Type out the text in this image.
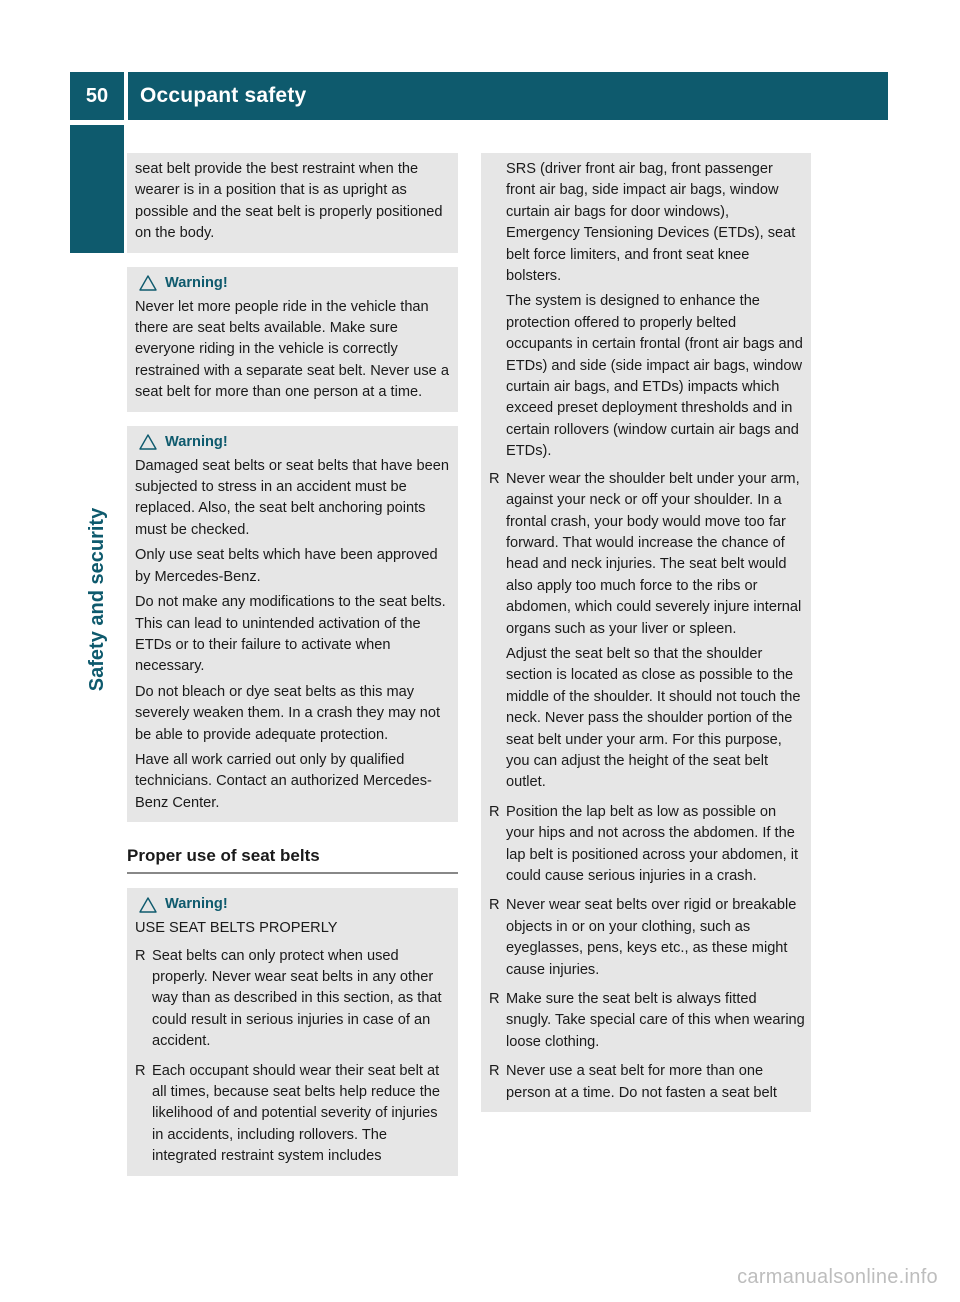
50	Occupant safety
Safety and security

seat belt provide the best restraint when the wearer is in a position that is as upright as possible and the seat belt is properly positioned on the body.

Warning!

Never let more people ride in the vehicle than there are seat belts available. Make sure everyone riding in the vehicle is correctly restrained with a separate seat belt. Never use a seat belt for more than one person at a time.

Warning!

Damaged seat belts or seat belts that have been subjected to stress in an accident must be replaced. Also, the seat belt anchoring points must be checked.

Only use seat belts which have been approved by Mercedes-Benz.

Do not make any modifications to the seat belts. This can lead to unintended activation of the ETDs or to their failure to activate when necessary.

Do not bleach or dye seat belts as this may severely weaken them. In a crash they may not be able to provide adequate protection.

Have all work carried out only by qualified technicians. Contact an authorized Mercedes-Benz Center.

Proper use of seat belts
Warning!

USE SEAT BELTS PROPERLY

R Seat belts can only protect when used properly. Never wear seat belts in any other way than as described in this section, as that could result in serious injuries in case of an accident.
R Each occupant should wear their seat belt at all times, because seat belts help reduce the likelihood of and potential severity of injuries in accidents, including rollovers. The integrated restraint system includes

SRS (driver front air bag, front passenger front air bag, side impact air bags, window curtain air bags for door windows), Emergency Tensioning Devices (ETDs), seat belt force limiters, and front seat knee bolsters.

The system is designed to enhance the protection offered to properly belted occupants in certain frontal (front air bags and ETDs) and side (side impact air bags, window curtain air bags, and ETDs) impacts which exceed preset deployment thresholds and in certain rollovers (window curtain air bags and ETDs).

R Never wear the shoulder belt under your arm, against your neck or off your shoulder. In a frontal crash, your body would move too far forward. That would increase the chance of head and neck injuries. The seat belt would also apply too much force to the ribs or abdomen, which could severely injure internal organs such as your liver or spleen.

Adjust the seat belt so that the shoulder section is located as close as possible to the middle of the shoulder. It should not touch the neck. Never pass the shoulder portion of the seat belt under your arm. For this purpose, you can adjust the height of the seat belt outlet.

R Position the lap belt as low as possible on your hips and not across the abdomen. If the lap belt is positioned across your abdomen, it could cause serious injuries in a crash.

R Never wear seat belts over rigid or breakable objects in or on your clothing, such as eyeglasses, pens, keys etc., as these might cause injuries.

R Make sure the seat belt is always fitted snugly. Take special care of this when wearing loose clothing.

R Never use a seat belt for more than one person at a time. Do not fasten a seat belt

carmanualsonline.info
